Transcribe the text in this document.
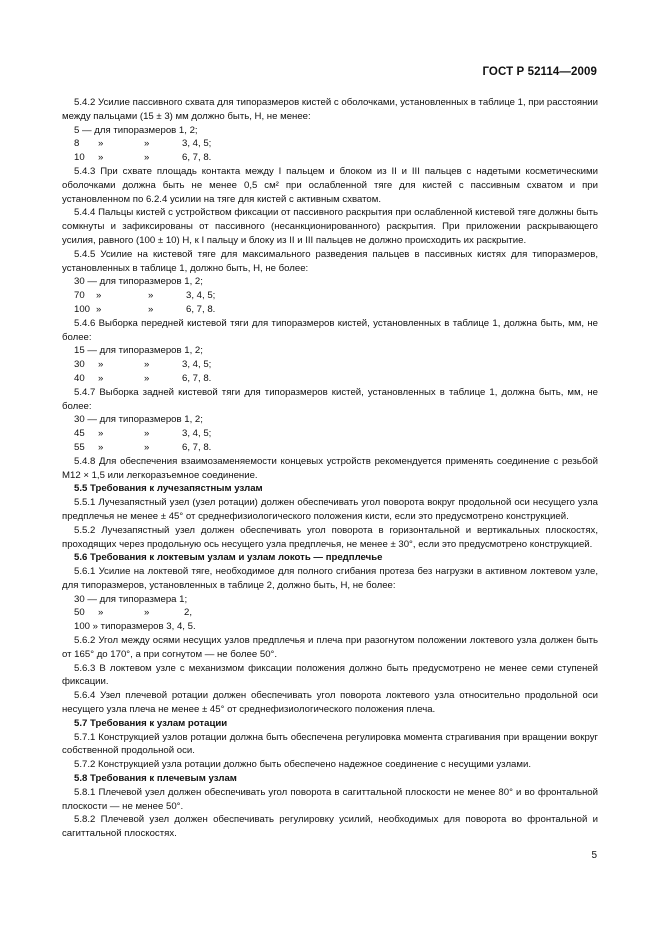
ГОСТ Р 52114—2009

5.4.2 Усилие пассивного схвата для типоразмеров кистей с оболочками, установленных в таблице 1, при расстоянии между пальцами (15 ± 3) мм должно быть, Н, не менее:

5 — для типоразмеров 1, 2;

8	»	»	3, 4, 5;
10	»	»	6, 7, 8.

5.4.3 При схвате площадь контакта между I пальцем и блоком из II и III пальцев с надетыми косметическими оболочками должна быть не менее 0,5 см² при ослабленной тяге для кистей с пассивным схватом и при установленном по 6.2.4 усилии на тяге для кистей с активным схватом.

5.4.4 Пальцы кистей с устройством фиксации от пассивного раскрытия при ослабленной кистевой тяге должны быть сомкнуты и зафиксированы от пассивного (несанкционированного) раскрытия. При приложении раскрывающего усилия, равного (100 ± 10) Н, к I пальцу и блоку из II и III пальцев не должно происходить их раскрытие.

5.4.5 Усилие на кистевой тяге для максимального разведения пальцев в пассивных кистях для типоразмеров, установленных в таблице 1, должно быть, Н, не более:

30 — для типоразмеров 1, 2;

70	»	»	3, 4, 5;
100 »	»	6, 7, 8.

5.4.6 Выборка передней кистевой тяги для типоразмеров кистей, установленных в таблице 1, должна быть, мм, не более:

15 — для типоразмеров 1, 2;

30	»	»	3, 4, 5;
40	»	»	6, 7, 8.

5.4.7 Выборка задней кистевой тяги для типоразмеров кистей, установленных в таблице 1, должна быть, мм, не более:

30 — для типоразмеров 1, 2;

45	»	»	3, 4, 5;
55	»	»	6, 7, 8.

5.4.8 Для обеспечения взаимозаменяемости концевых устройств рекомендуется применять соединение с резьбой М12 × 1,5 или легкоразъемное соединение.

5.5 Требования к лучезапястным узлам

5.5.1 Лучезапястный узел (узел ротации) должен обеспечивать угол поворота вокруг продольной оси несущего узла предплечья не менее ± 45° от среднефизиологического положения кисти, если это предусмотрено конструкцией.

5.5.2 Лучезапястный узел должен обеспечивать угол поворота в горизонтальной и вертикальных плоскостях, проходящих через продольную ось несущего узла предплечья, не менее ± 30°, если это предусмотрено конструкцией.

5.6 Требования к локтевым узлам и узлам локоть — предплечье

5.6.1 Усилие на локтевой тяге, необходимое для полного сгибания протеза без нагрузки в активном локтевом узле, для типоразмеров, установленных в таблице 2, должно быть, Н, не более:

30 — для типоразмера 1;

50	»	»	2,

100 » типоразмеров 3, 4, 5.

5.6.2 Угол между осями несущих узлов предплечья и плеча при разогнутом положении локтевого узла должен быть от 165° до 170°, а при согнутом — не более 50°.

5.6.3 В локтевом узле с механизмом фиксации положения должно быть предусмотрено не менее семи ступеней фиксации.

5.6.4 Узел плечевой ротации должен обеспечивать угол поворота локтевого узла относительно продольной оси несущего узла плеча не менее ± 45° от среднефизиологического положения плеча.

5.7 Требования к узлам ротации

5.7.1 Конструкцией узлов ротации должна быть обеспечена регулировка момента страгивания при вращении вокруг собственной продольной оси.

5.7.2 Конструкцией узла ротации должно быть обеспечено надежное соединение с несущими узлами.

5.8 Требования к плечевым узлам

5.8.1 Плечевой узел должен обеспечивать угол поворота в сагиттальной плоскости не менее 80° и во фронтальной плоскости — не менее 50°.

5.8.2 Плечевой узел должен обеспечивать регулировку усилий, необходимых для поворота во фронтальной и сагиттальной плоскостях.

5
